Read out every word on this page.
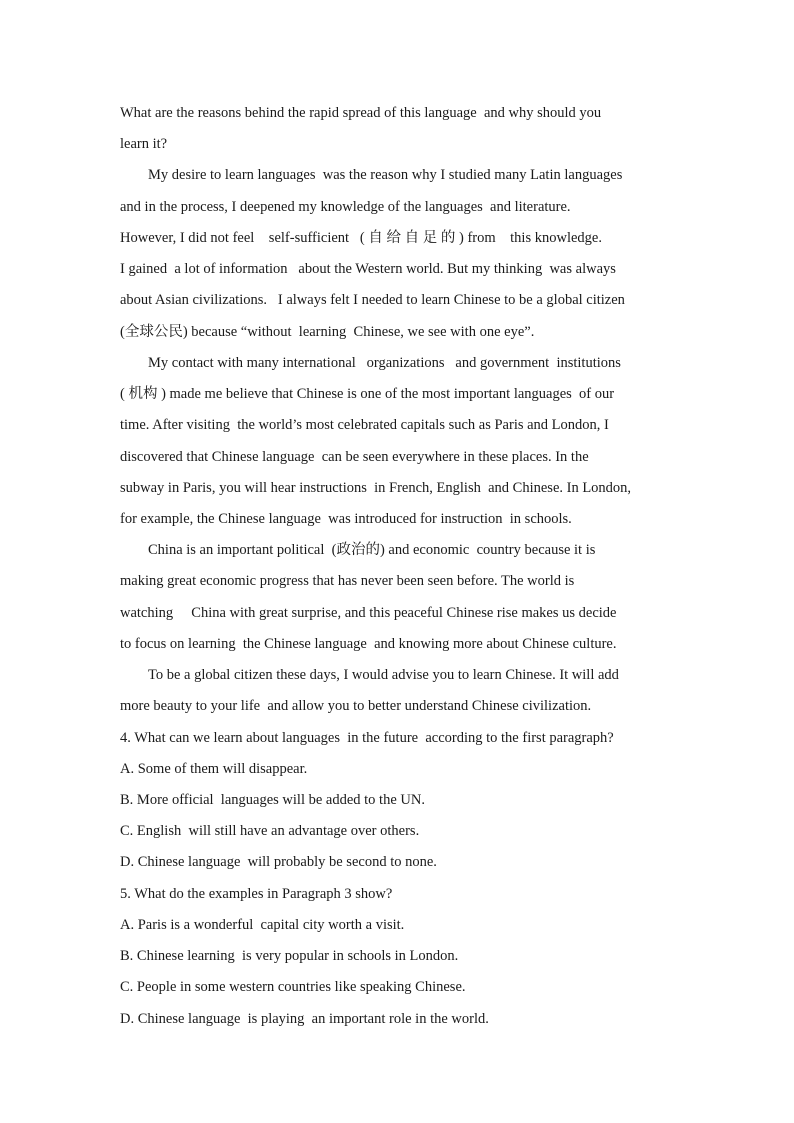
What are the reasons behind the rapid spread of this language  and why should you
learn it?
My desire to learn languages  was the reason why I studied many Latin languages
and in the process, I deepened my knowledge of the languages  and literature.
However, I did not feel    self-sufficient   ( 自 给 自 足 的 ) from    this knowledge.
I gained  a lot of information   about the Western world. But my thinking  was always
about Asian civilizations.   I always felt I needed to learn Chinese to be a global citizen
(全球公民) because “without  learning  Chinese, we see with one eye”.
My contact with many international   organizations   and government  institutions
( 机构 ) made me believe that Chinese is one of the most important languages  of our
time. After visiting  the world’s most celebrated capitals such as Paris and London, I
discovered that Chinese language  can be seen everywhere in these places. In the
subway in Paris, you will hear instructions  in French, English  and Chinese. In London,
for example, the Chinese language  was introduced for instruction  in schools.
China is an important political  (政治的) and economic  country because it is
making great economic progress that has never been seen before. The world is
watching     China with great surprise, and this peaceful Chinese rise makes us decide
to focus on learning  the Chinese language  and knowing more about Chinese culture.
To be a global citizen these days, I would advise you to learn Chinese. It will add
more beauty to your life  and allow you to better understand Chinese civilization.
4. What can we learn about languages  in the future  according to the first paragraph?
A. Some of them will disappear.
B. More official  languages will be added to the UN.
C. English  will still have an advantage over others.
D. Chinese language  will probably be second to none.
5. What do the examples in Paragraph 3 show?
A. Paris is a wonderful  capital city worth a visit.
B. Chinese learning  is very popular in schools in London.
C. People in some western countries like speaking Chinese.
D. Chinese language  is playing  an important role in the world.
